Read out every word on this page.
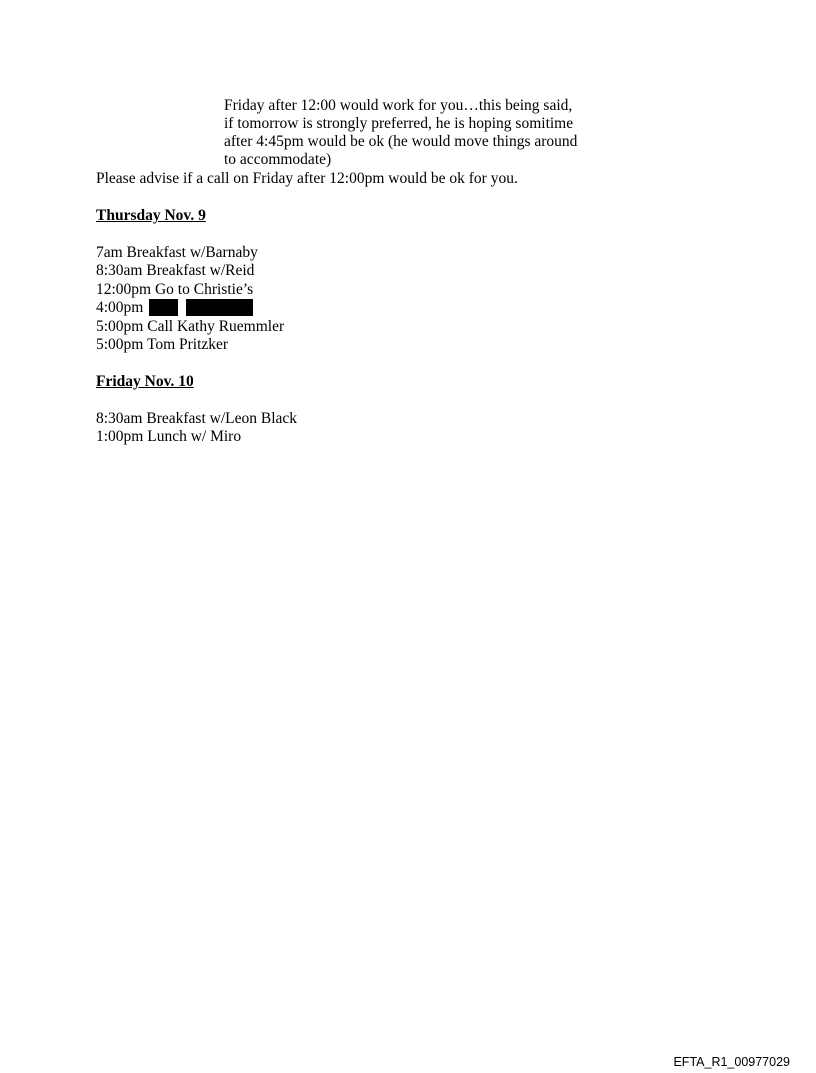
Friday after 12:00 would work for you…this being said,
if tomorrow is strongly preferred, he is hoping somitime
after 4:45pm would be ok (he would move things around
to accommodate)
Please advise if a call on Friday after 12:00pm would be ok for you.
Thursday Nov. 9
7am Breakfast w/Barnaby
8:30am Breakfast w/Reid
12:00pm Go to Christie’s
4:00pm
5:00pm Call Kathy Ruemmler
5:00pm Tom Pritzker
Friday Nov. 10
8:30am Breakfast w/Leon Black
1:00pm Lunch w/ Miro
EFTA_R1_00977029
